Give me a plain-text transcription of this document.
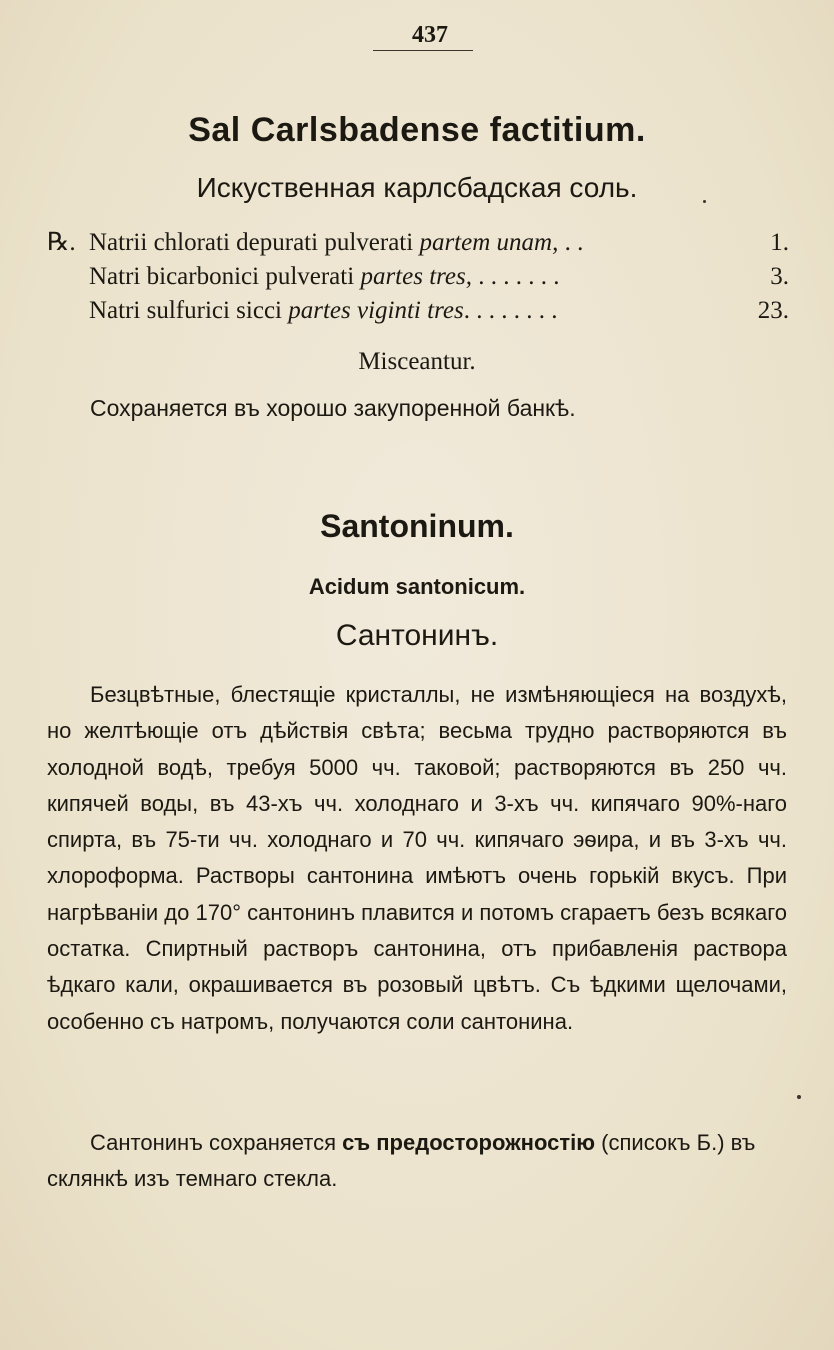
437
Sal Carlsbadense factitium.
Искуственная карлсбадская соль.
℞. Natrii chlorati depurati pulverati partem unam, . .	1.
Natri bicarbonici pulverati partes tres, . . . . . . .	3.
Natri sulfurici sicci partes viginti tres. . . . . . . .	23.
Misceantur.
Сохраняется въ хорошо закупоренной банкѣ.
Santoninum.
Acidum santonicum.
Сантонинъ.
Безцвѣтные, блестящіе кристаллы, не измѣняющіеся на воздухѣ, но желтѣющіе отъ дѣйствія свѣта; весьма трудно растворяются въ холодной водѣ, требуя 5000 чч. таковой; растворяются въ 250 чч. кипячей воды, въ 43-хъ чч. холоднаго и 3-хъ чч. кипячаго 90%-наго спирта, въ 75-ти чч. холоднаго и 70 чч. кипячаго эѳира, и въ 3-хъ чч. хлороформа. Растворы сантонина имѣютъ очень горькій вкусъ. При нагрѣваніи до 170° сантонинъ плавится и потомъ сгараетъ безъ всякаго остатка. Спиртный растворъ сантонина, отъ прибавленія раствора ѣдкаго кали, окрашивается въ розовый цвѣтъ. Съ ѣдкими щелочами, особенно съ натромъ, получаются соли сантонина.
Сантонинъ сохраняется съ предосторожностію (списокъ Б.) въ склянкѣ изъ темнаго стекла.
